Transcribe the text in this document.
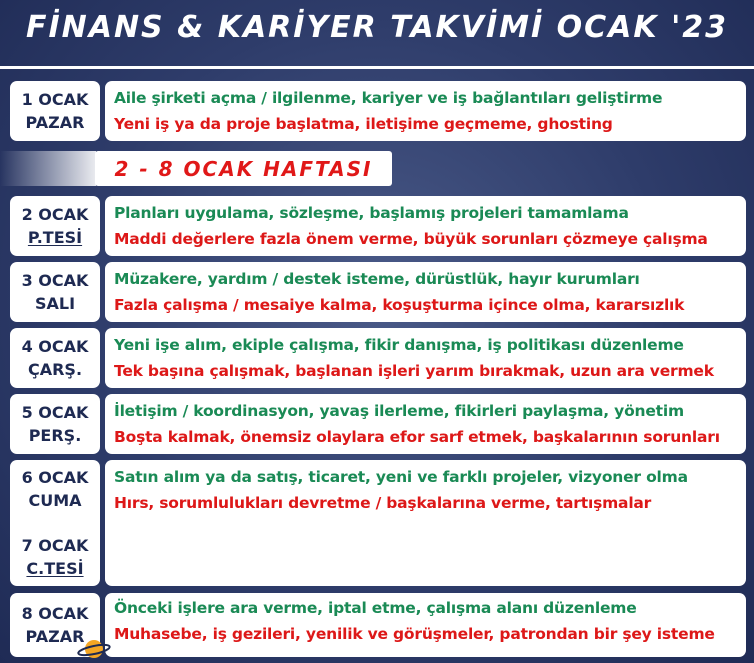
FİNANS & KARİYER TAKVİMİ OCAK '23
1 OCAK
PAZAR
Aile şirketi açma / ilgilenme, kariyer ve iş bağlantıları geliştirme
Yeni iş ya da proje başlatma, iletişime geçmeme, ghosting
2 - 8 OCAK HAFTASI
2 OCAK
P.TESİ
Planları uygulama, sözleşme, başlamış projeleri tamamlama
Maddi değerlere fazla önem verme, büyük sorunları çözmeye çalışma
3 OCAK
SALI
Müzakere, yardım / destek isteme, dürüstlük, hayır kurumları
Fazla çalışma / mesaiye kalma, koşuşturma içince olma, kararsızlık
4 OCAK
ÇARŞ.
Yeni işe alım, ekiple çalışma, fikir danışma, iş politikası düzenleme
Tek başına çalışmak, başlanan işleri yarım bırakmak, uzun ara vermek
5 OCAK
PERŞ.
İletişim / koordinasyon, yavaş ilerleme, fikirleri paylaşma, yönetim
Boşta kalmak, önemsiz olaylara efor sarf etmek, başkalarının sorunları
6 OCAK
CUMA
7 OCAK
C.TESİ
Satın alım ya da satış, ticaret, yeni ve farklı projeler, vizyoner olma
Hırs, sorumlulukları devretme / başkalarına verme, tartışmalar
8 OCAK
PAZAR
Önceki işlere ara verme, iptal etme, çalışma alanı düzenleme
Muhasebe, iş gezileri, yenilik ve görüşmeler, patrondan bir şey isteme
